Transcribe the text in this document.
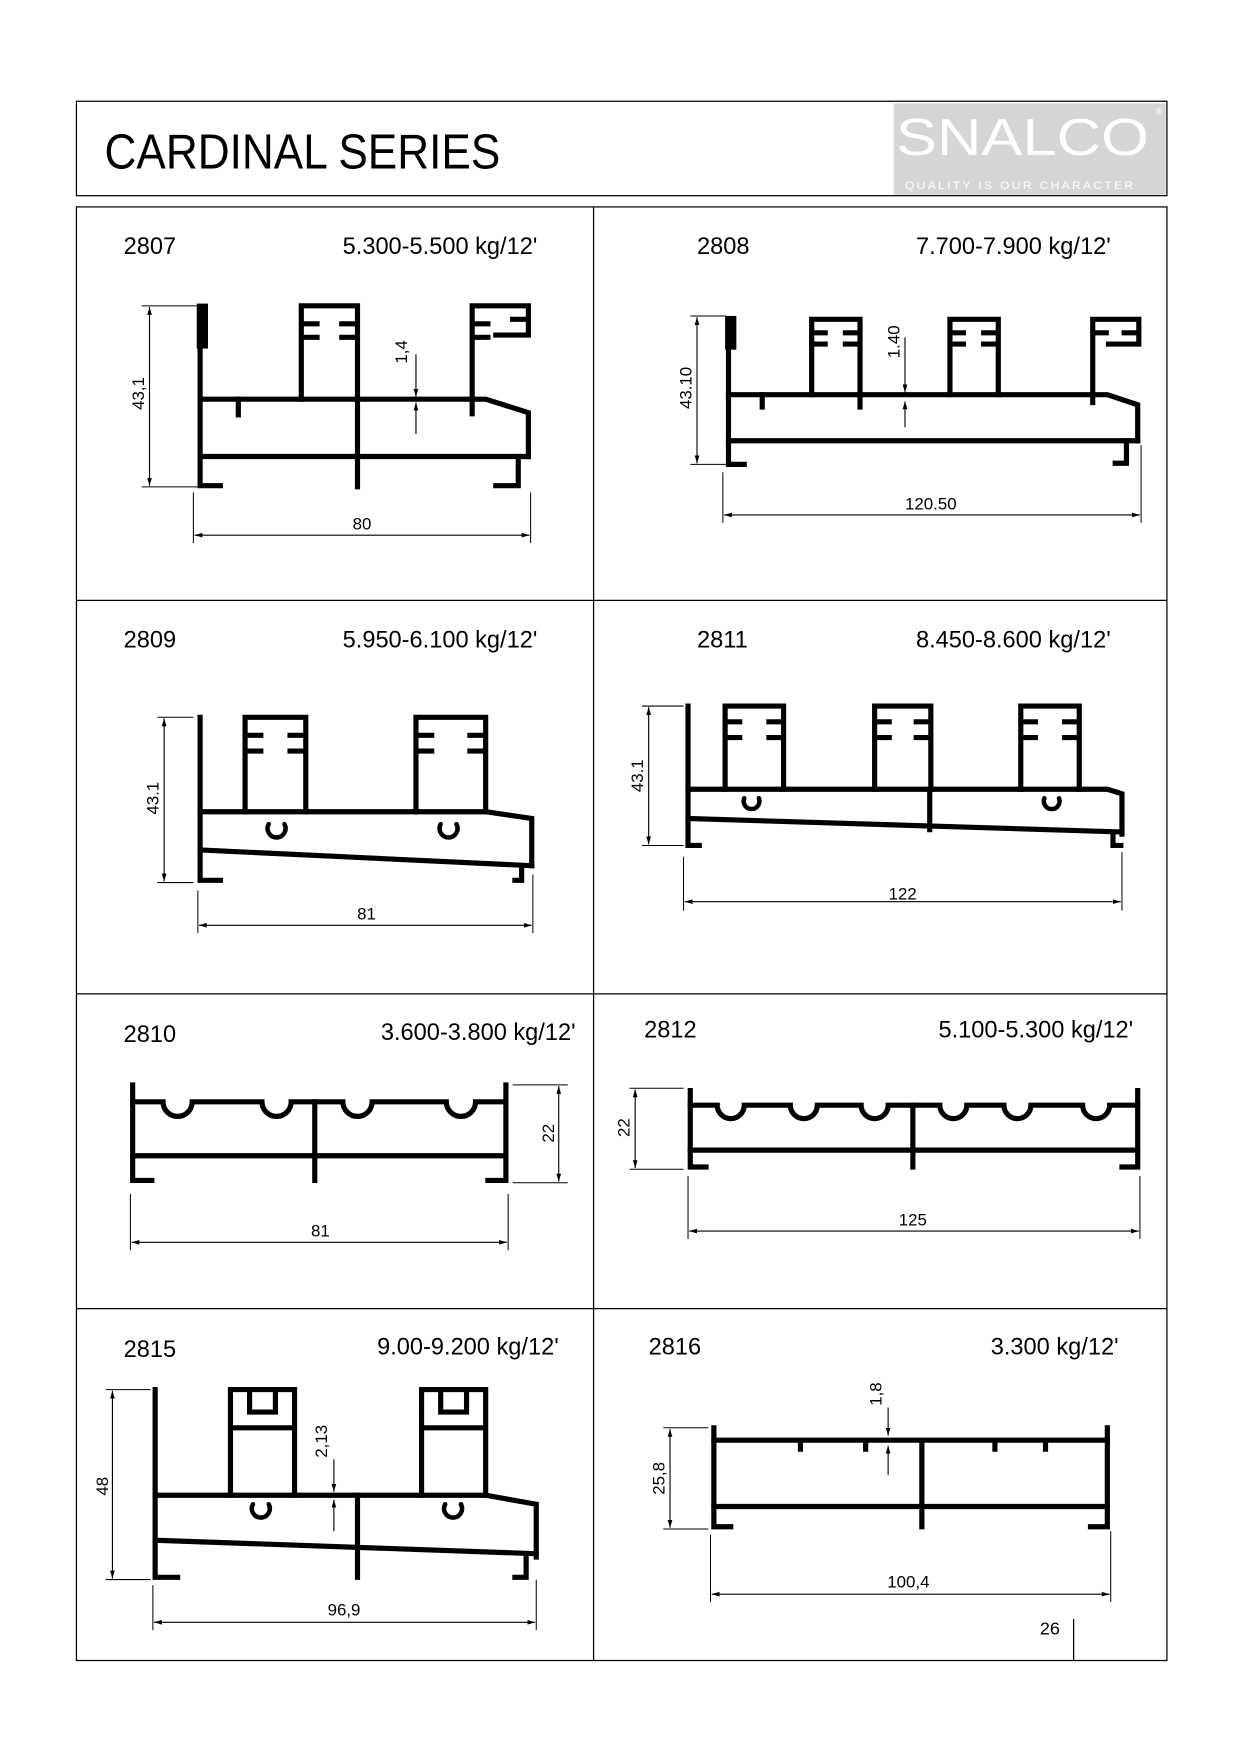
CARDINAL SERIES	SNALCO ®
QUALITY IS OUR CHARACTER
2807	5.300-5.500 kg/12'
43,1
80
1,4
2808	7.700-7.900 kg/12'
43.10
120.50
1.40
2809	5.950-6.100 kg/12'
43.1
81
2811	8.450-8.600 kg/12'
43.1
122
2810	3.600-3.800 kg/12'
22
81
2812	5.100-5.300 kg/12'
22
125
2815	9.00-9.200 kg/12'
48
96,9
2,13
2816	3.300 kg/12'
25,8
100,4
1,8
26
